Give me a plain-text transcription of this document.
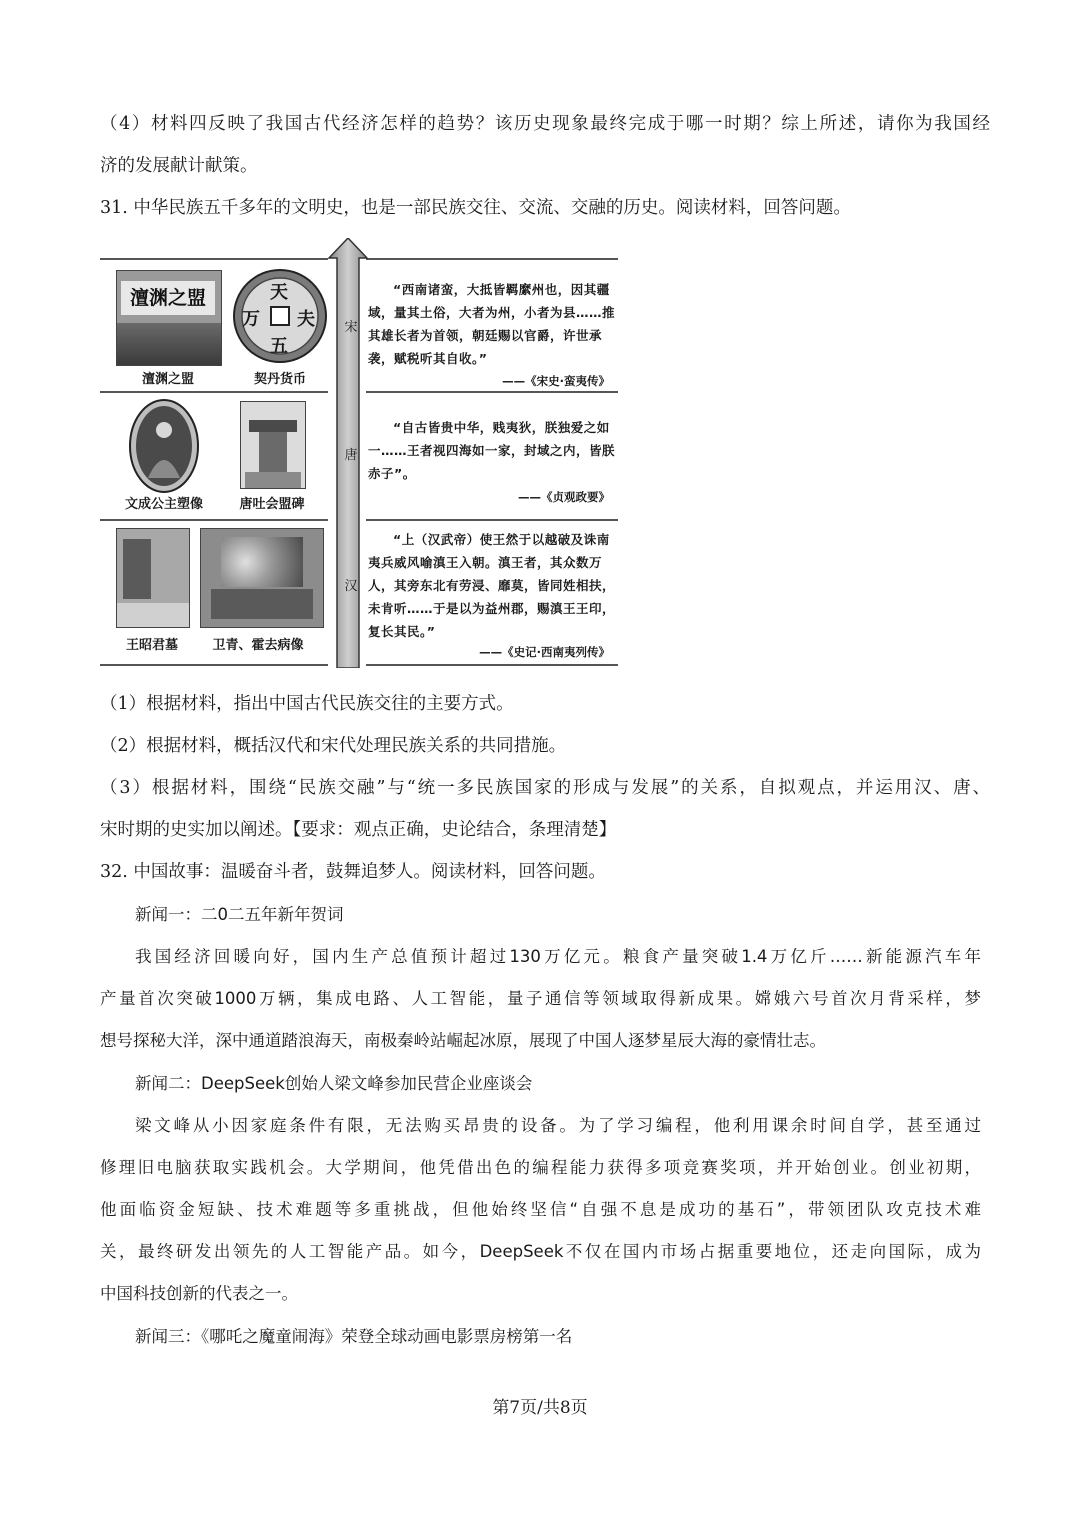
（4）材料四反映了我国古代经济怎样的趋势？该历史现象最终完成于哪一时期？综上所述，请你为我国经
济的发展献计献策。
31. 中华民族五千多年的文明史，也是一部民族交往、交流、交融的历史。阅读材料，回答问题。
宋
唐
汉
澶渊之盟
澶渊之盟
天
夫
万
五
契丹货币
文成公主塑像	唐吐会盟碑
王昭君墓	卫青、霍去病像
“西南诸蛮，大抵皆羁縻州也，因其疆域，量其土俗，大者为州，小者为县……推其雄长者为首领，朝廷赐以官爵，许世承袭，赋税听其自收。”
——《宋史·蛮夷传》
“自古皆贵中华，贱夷狄，朕独爱之如一……王者视四海如一家，封域之内，皆朕赤子”。
——《贞观政要》
“上（汉武帝）使王然于以越破及诛南夷兵威风喻滇王入朝。滇王者，其众数万人，其旁东北有劳浸、靡莫，皆同姓相扶，未肯听……于是以为益州郡，赐滇王王印，复长其民。”
——《史记·西南夷列传》
（1）根据材料，指出中国古代民族交往的主要方式。
（2）根据材料，概括汉代和宋代处理民族关系的共同措施。
（3）根据材料，围绕“民族交融”与“统一多民族国家的形成与发展”的关系，自拟观点，并运用汉、唐、
宋时期的史实加以阐述。【要求：观点正确，史论结合，条理清楚】
32. 中国故事：温暖奋斗者，鼓舞追梦人。阅读材料，回答问题。
新闻一：二0二五年新年贺词
我国经济回暖向好，国内生产总值预计超过130万亿元。粮食产量突破1.4万亿斤……新能源汽车年
产量首次突破1000万辆，集成电路、人工智能，量子通信等领域取得新成果。嫦娥六号首次月背采样，梦
想号探秘大洋，深中通道踏浪海天，南极秦岭站崛起冰原，展现了中国人逐梦星辰大海的豪情壮志。
新闻二：DeepSeek创始人梁文峰参加民营企业座谈会
梁文峰从小因家庭条件有限，无法购买昂贵的设备。为了学习编程，他利用课余时间自学，甚至通过
修理旧电脑获取实践机会。大学期间，他凭借出色的编程能力获得多项竞赛奖项，并开始创业。创业初期，
他面临资金短缺、技术难题等多重挑战，但他始终坚信“自强不息是成功的基石”，带领团队攻克技术难
关，最终研发出领先的人工智能产品。如今，DeepSeek不仅在国内市场占据重要地位，还走向国际，成为
中国科技创新的代表之一。
新闻三：《哪吒之魔童闹海》荣登全球动画电影票房榜第一名
第7页/共8页
